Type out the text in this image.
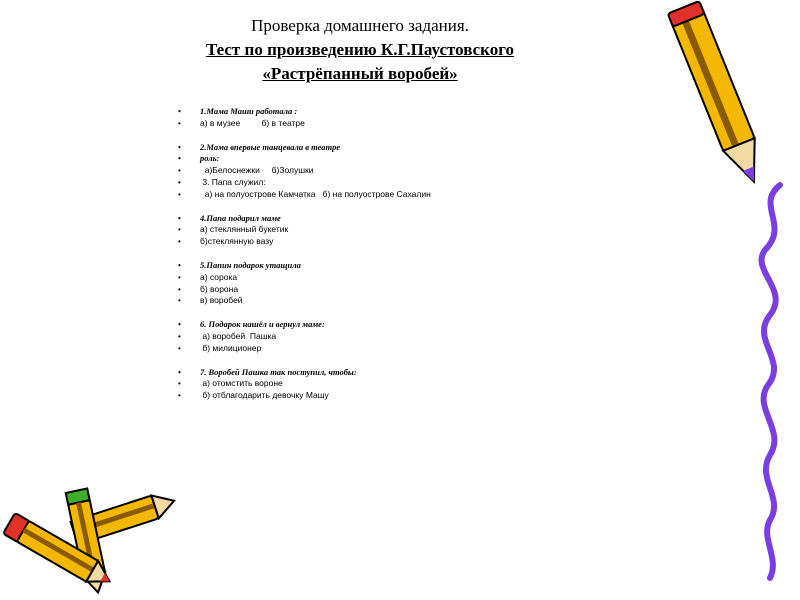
Проверка домашнего задания.
Тест по произведению К.Г.Паустовского
«Растрёпанный воробей»
• 1.Мама Маши работала :
• а) в музее         б) в театре
• 2.Мама впервые танцевала в театре
• роль:
•   а)Белоснежки     б)Золушки
•  3. Папа служил:
•   а) на полуострове Камчатка   б) на полуострове Сахалин
• 4.Папа подарил маме
• а) стеклянный букетик
• б)стеклянную вазу
• 5.Папин подарок утащила
• а) сорока
• б) ворона
• в) воробей
• 6. Подарок нашёл и вернул маме:
•  а) воробей  Пашка
•  б) милиционер
• 7. Воробей Пашка так поступил, чтобы:
•  а) отомстить вороне
•  б) отблагодарить девочку Машу
